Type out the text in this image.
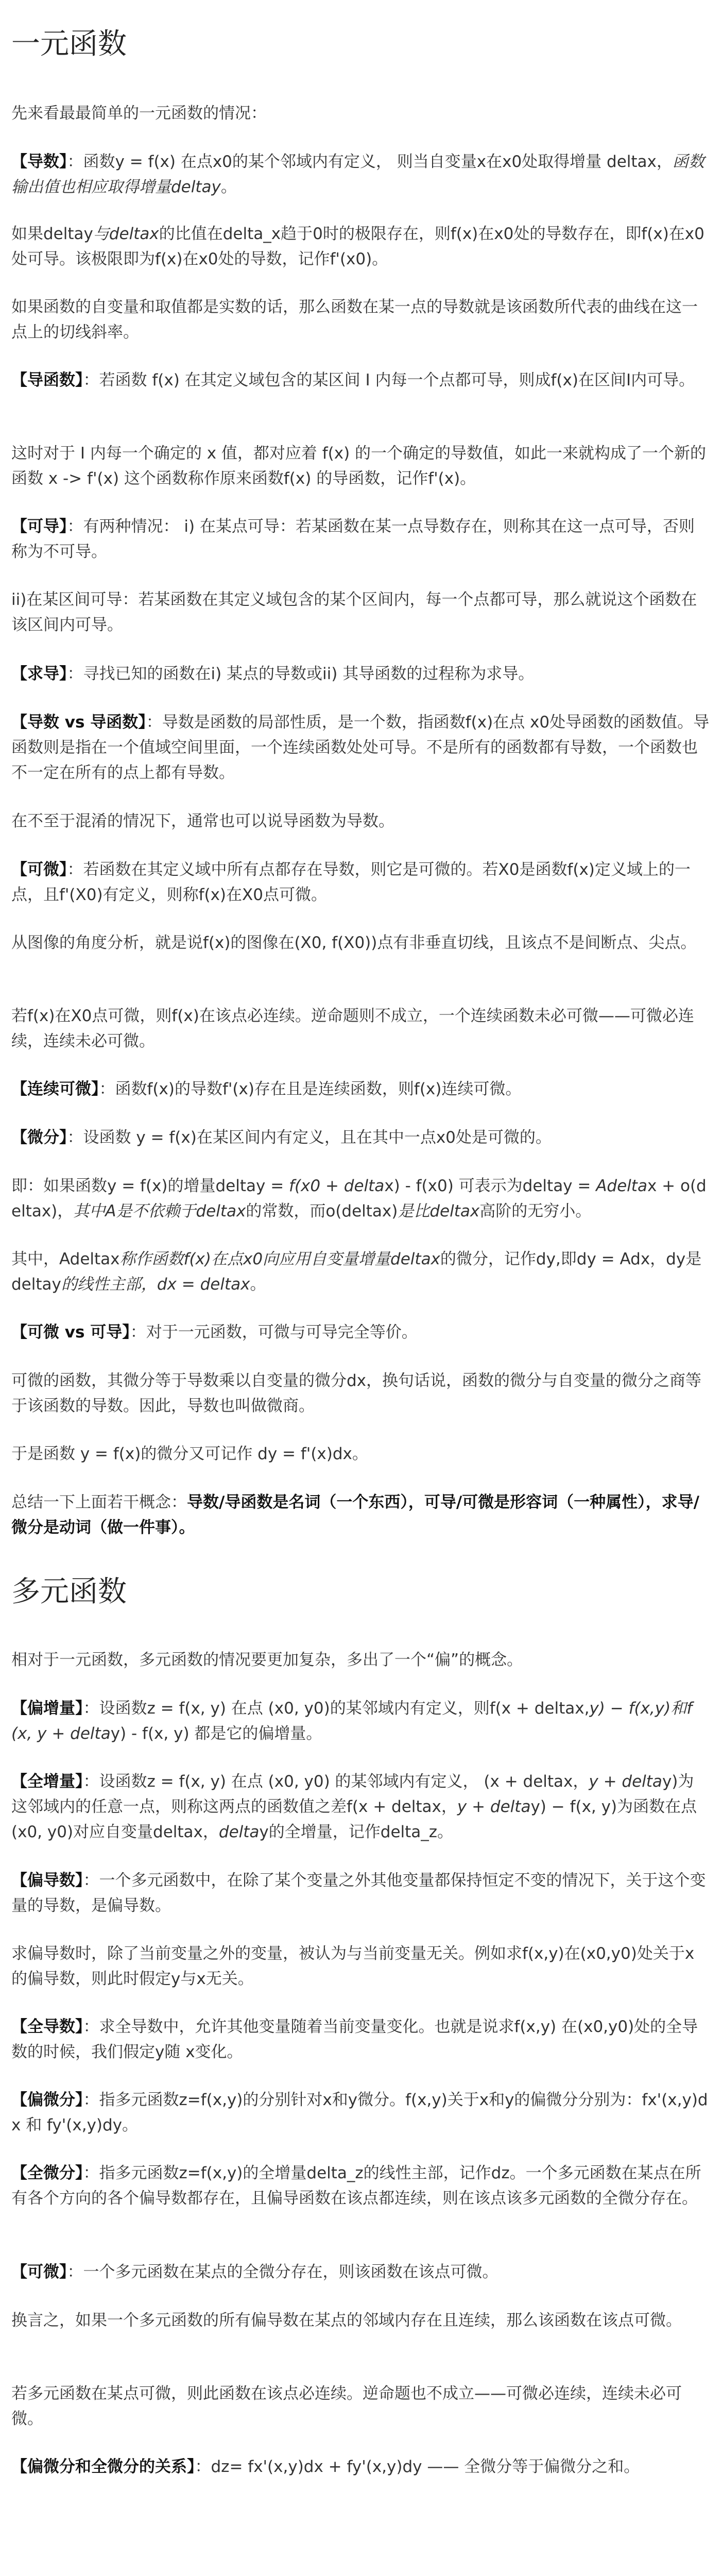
一元函数

先来看最最简单的一元函数的情况：

【导数】：函数y = f(x) 在点x0的某个邻域内有定义， 则当自变量x在x0处取得增量 deltax，函数输出值也相应取得增量deltay。

如果deltay与deltax的比值在delta_x趋于0时的极限存在，则f(x)在x0处的导数存在，即f(x)在x0处可导。该极限即为f(x)在x0处的导数，记作f'(x0)。

如果函数的自变量和取值都是实数的话，那么函数在某一点的导数就是该函数所代表的曲线在这一点上的切线斜率。

【导函数】：若函数 f(x) 在其定义域包含的某区间 I 内每一个点都可导，则成f(x)在区间I内可导。

这时对于 I 内每一个确定的 x 值，都对应着 f(x) 的一个确定的导数值，如此一来就构成了一个新的函数 x -> f'(x) 这个函数称作原来函数f(x) 的导函数，记作f'(x)。

【可导】：有两种情况： i) 在某点可导：若某函数在某一点导数存在，则称其在这一点可导，否则称为不可导。

ii)在某区间可导：若某函数在其定义域包含的某个区间内，每一个点都可导，那么就说这个函数在该区间内可导。

【求导】：寻找已知的函数在i) 某点的导数或ii) 其导函数的过程称为求导。

【导数 vs 导函数】：导数是函数的局部性质，是一个数，指函数f(x)在点 x0处导函数的函数值。导函数则是指在一个值域空间里面，一个连续函数处处可导。不是所有的函数都有导数，一个函数也不一定在所有的点上都有导数。

在不至于混淆的情况下，通常也可以说导函数为导数。

【可微】：若函数在其定义域中所有点都存在导数，则它是可微的。若X0是函数f(x)定义域上的一点，且f'(X0)有定义，则称f(x)在X0点可微。

从图像的角度分析，就是说f(x)的图像在(X0, f(X0))点有非垂直切线，且该点不是间断点、尖点。

若f(x)在X0点可微，则f(x)在该点必连续。逆命题则不成立，一个连续函数未必可微——可微必连续，连续未必可微。

【连续可微】：函数f(x)的导数f'(x)存在且是连续函数，则f(x)连续可微。

【微分】：设函数 y = f(x)在某区间内有定义，且在其中一点x0处是可微的。

即：如果函数y = f(x)的增量deltay = f(x0 + deltax) - f(x0) 可表示为deltay = Adeltax + o(deltax)，其中A是不依赖于deltax的常数，而o(deltax)是比deltax高阶的无穷小。

其中，Adeltax称作函数f(x)在点x0向应用自变量增量deltax的微分，记作dy,即dy = Adx，dy是deltay的线性主部，dx = deltax。

【可微 vs 可导】：对于一元函数，可微与可导完全等价。

可微的函数，其微分等于导数乘以自变量的微分dx，换句话说，函数的微分与自变量的微分之商等于该函数的导数。因此，导数也叫做微商。

于是函数 y = f(x)的微分又可记作 dy = f'(x)dx。

总结一下上面若干概念：导数/导函数是名词（一个东西），可导/可微是形容词（一种属性），求导/微分是动词（做一件事）。

多元函数

相对于一元函数，多元函数的情况要更加复杂，多出了一个“偏”的概念。

【偏增量】：设函数z = f(x, y) 在点 (x0, y0)的某邻域内有定义，则f(x + deltax,y) − f(x,y)和f(x, y + deltay) - f(x, y) 都是它的偏增量。

【全增量】：设函数z = f(x, y) 在点 (x0, y0) 的某邻域内有定义， (x + deltax，y + deltay)为这邻域内的任意一点，则称这两点的函数值之差f(x + deltax，y + deltay) − f(x, y)为函数在点(x0, y0)对应自变量deltax，deltay的全增量，记作delta_z。

【偏导数】：一个多元函数中，在除了某个变量之外其他变量都保持恒定不变的情况下，关于这个变量的导数，是偏导数。

求偏导数时，除了当前变量之外的变量，被认为与当前变量无关。例如求f(x,y)在(x0,y0)处关于x的偏导数，则此时假定y与x无关。

【全导数】：求全导数中，允许其他变量随着当前变量变化。也就是说求f(x,y) 在(x0,y0)处的全导数的时候，我们假定y随 x变化。

【偏微分】：指多元函数z=f(x,y)的分别针对x和y微分。f(x,y)关于x和y的偏微分分别为：fx'(x,y)dx 和 fy'(x,y)dy。

【全微分】：指多元函数z=f(x,y)的全增量delta_z的线性主部，记作dz。一个多元函数在某点在所有各个方向的各个偏导数都存在，且偏导函数在该点都连续，则在该点该多元函数的全微分存在。

【可微】：一个多元函数在某点的全微分存在，则该函数在该点可微。

换言之，如果一个多元函数的所有偏导数在某点的邻域内存在且连续，那么该函数在该点可微。

若多元函数在某点可微，则此函数在该点必连续。逆命题也不成立——可微必连续，连续未必可微。

【偏微分和全微分的关系】：dz= fx'(x,y)dx + fy'(x,y)dy —— 全微分等于偏微分之和。
